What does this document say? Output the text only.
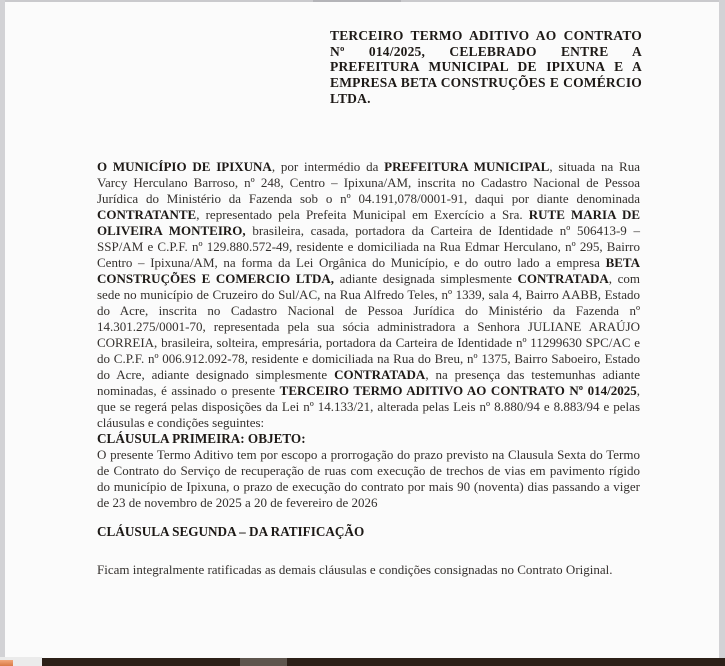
TERCEIRO TERMO ADITIVO AO CONTRATO Nº 014/2025, CELEBRADO ENTRE A PREFEITURA MUNICIPAL DE IPIXUNA E A EMPRESA BETA CONSTRUÇÕES E COMÉRCIO LTDA.

O MUNICÍPIO DE IPIXUNA, por intermédio da PREFEITURA MUNICIPAL, situada na Rua Varcy Herculano Barroso, nº 248, Centro – Ipixuna/AM, inscrita no Cadastro Nacional de Pessoa Jurídica do Ministério da Fazenda sob o nº 04.191,078/0001-91, daqui por diante denominada CONTRATANTE, representado pela Prefeita Municipal em Exercício a Sra. RUTE MARIA DE OLIVEIRA MONTEIRO, brasileira, casada, portadora da Carteira de Identidade nº 506413-9 – SSP/AM e C.P.F. nº 129.880.572-49, residente e domiciliada na Rua Edmar Herculano, nº 295, Bairro Centro – Ipixuna/AM, na forma da Lei Orgânica do Município, e do outro lado a empresa BETA CONSTRUÇÕES E COMERCIO LTDA, adiante designada simplesmente CONTRATADA, com sede no município de Cruzeiro do Sul/AC, na Rua Alfredo Teles, nº 1339, sala 4, Bairro AABB, Estado do Acre, inscrita no Cadastro Nacional de Pessoa Jurídica do Ministério da Fazenda nº 14.301.275/0001-70, representada pela sua sócia administradora a Senhora JULIANE ARAÚJO CORREIA, brasileira, solteira, empresária, portadora da Carteira de Identidade nº 11299630 SPC/AC e do C.P.F. nº 006.912.092-78, residente e domiciliada na Rua do Breu, nº 1375, Bairro Saboeiro, Estado do Acre, adiante designado simplesmente CONTRATADA, na presença das testemunhas adiante nominadas, é assinado o presente TERCEIRO TERMO ADITIVO AO CONTRATO Nº 014/2025, que se regerá pelas disposições da Lei nº 14.133/21, alterada pelas Leis nº 8.880/94 e 8.883/94 e pelas cláusulas e condições seguintes:

CLÁUSULA PRIMEIRA: OBJETO:

O presente Termo Aditivo tem por escopo a prorrogação do prazo previsto na Clausula Sexta do Termo de Contrato do Serviço de recuperação de ruas com execução de trechos de vias em pavimento rígido do município de Ipixuna, o prazo de execução do contrato por mais 90 (noventa) dias passando a viger de 23 de novembro de 2025 a 20 de fevereiro de 2026

CLÁUSULA SEGUNDA – DA RATIFICAÇÃO

Ficam integralmente ratificadas as demais cláusulas e condições consignadas no Contrato Original.
